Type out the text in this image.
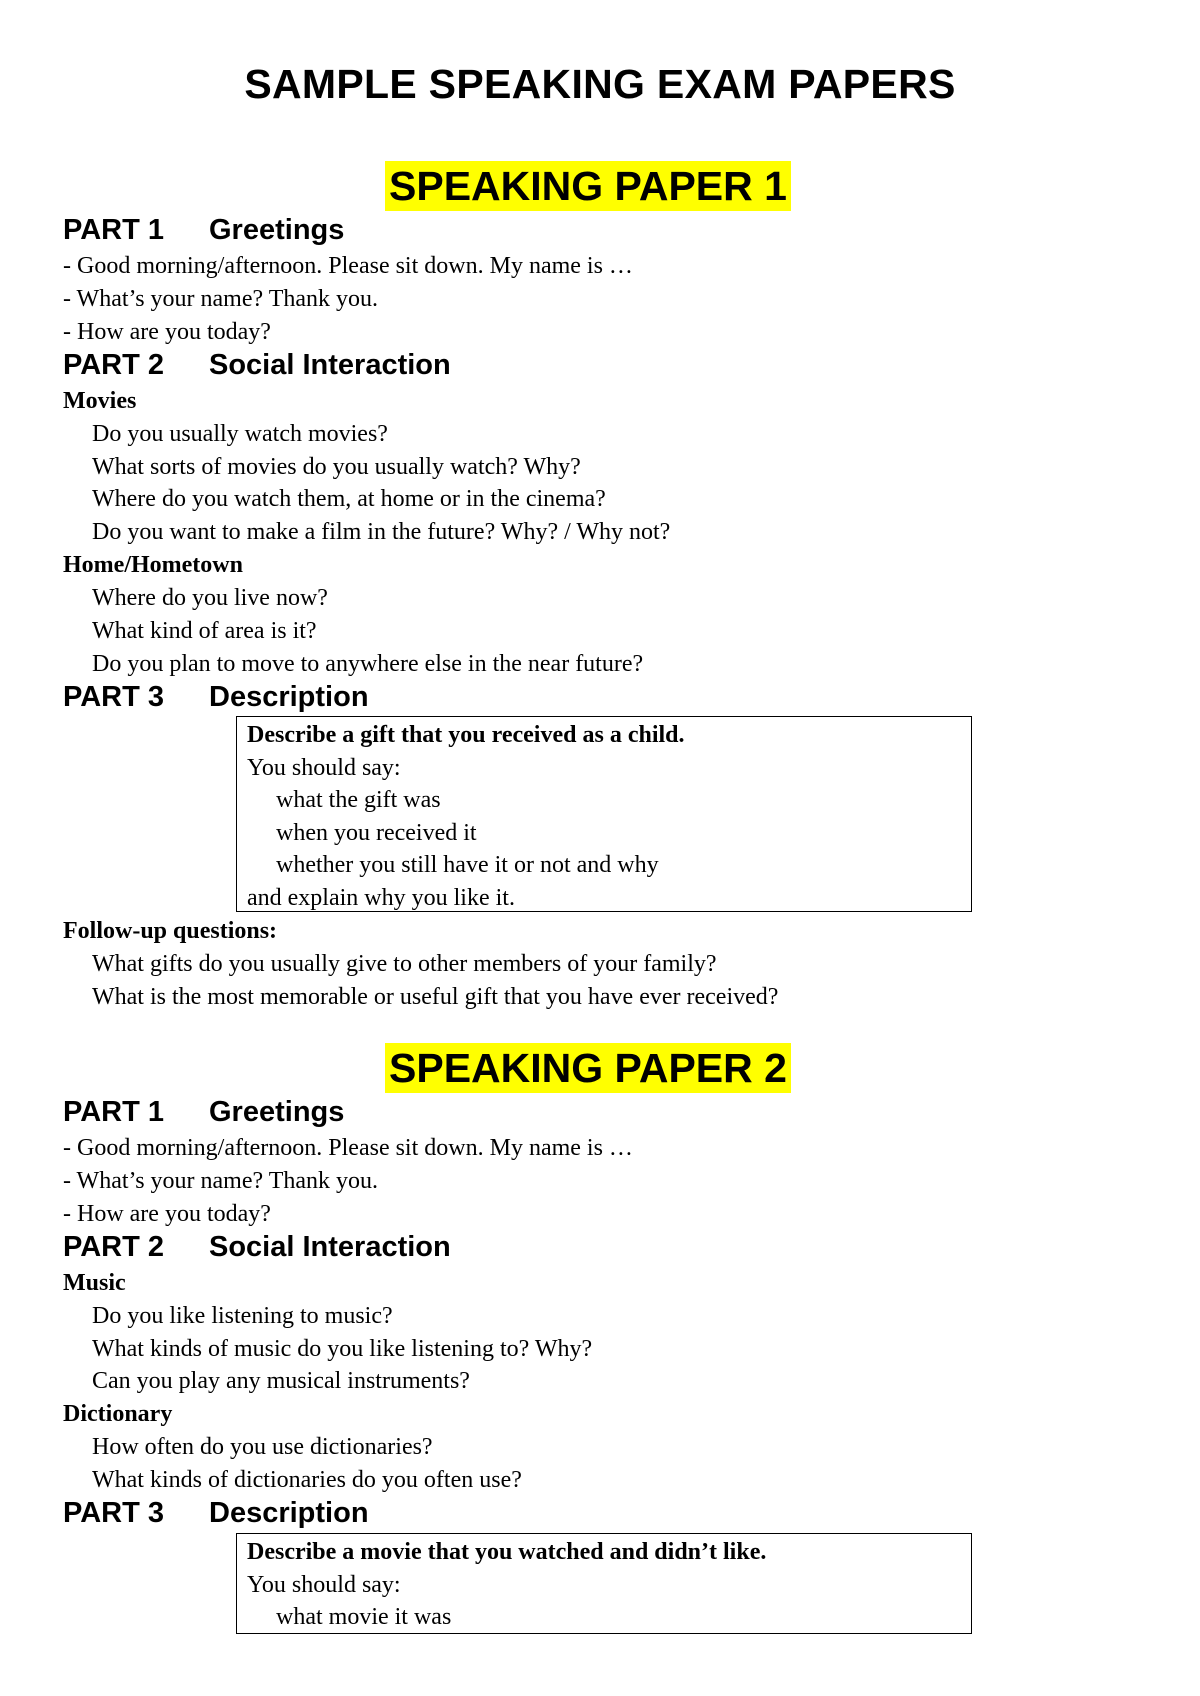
SAMPLE SPEAKING EXAM PAPERS
SPEAKING PAPER 1
PART 1 Greetings
- Good morning/afternoon. Please sit down. My name is …
- What’s your name? Thank you.
- How are you today?
PART 2 Social Interaction
Movies
Do you usually watch movies?
What sorts of movies do you usually watch? Why?
Where do you watch them, at home or in the cinema?
Do you want to make a film in the future? Why? / Why not?
Home/Hometown
Where do you live now?
What kind of area is it?
Do you plan to move to anywhere else in the near future?
PART 3 Description
Describe a gift that you received as a child.
You should say:
what the gift was
when you received it
whether you still have it or not and why
and explain why you like it.
Follow-up questions:
What gifts do you usually give to other members of your family?
What is the most memorable or useful gift that you have ever received?
SPEAKING PAPER 2
PART 1 Greetings
- Good morning/afternoon. Please sit down. My name is …
- What’s your name? Thank you.
- How are you today?
PART 2 Social Interaction
Music
Do you like listening to music?
What kinds of music do you like listening to? Why?
Can you play any musical instruments?
Dictionary
How often do you use dictionaries?
What kinds of dictionaries do you often use?
PART 3 Description
Describe a movie that you watched and didn’t like.
You should say:
what movie it was
